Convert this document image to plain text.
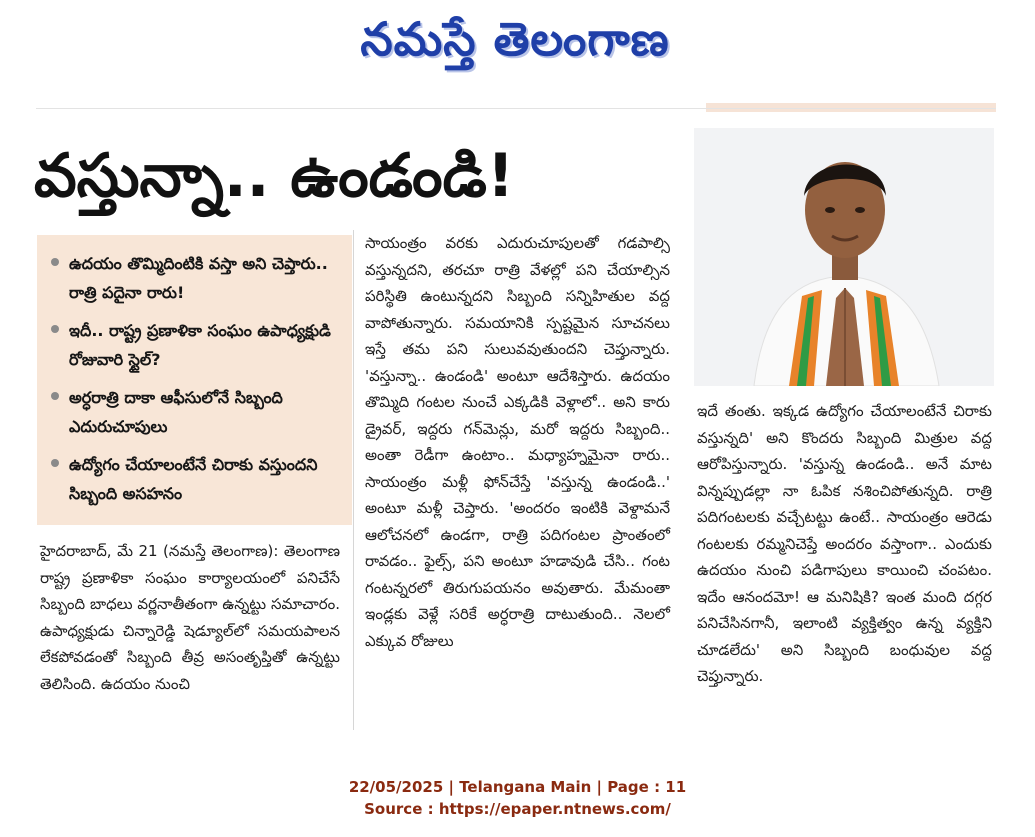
నమస్తే తెలంగాణ
వస్తున్నా.. ఉండండి!
ఉదయం తొమ్మిదింటికి వస్తా అని చెప్తారు.. రాత్రి పదైనా రారు!
ఇదీ.. రాష్ట్ర ప్రణాళికా సంఘం ఉపాధ్యక్షుడి రోజువారి స్టైల్?
అర్ధరాత్రి దాకా ఆఫీసులోనే సిబ్బంది ఎదురుచూపులు
ఉద్యోగం చేయాలంటేనే చిరాకు వస్తుందని సిబ్బంది అసహనం
హైదరాబాద్, మే 21 (నమస్తే తెలంగాణ): తెలంగాణ రాష్ట్ర ప్రణాళికా సంఘం కార్యాలయంలో పనిచేసే సిబ్బంది బాధలు వర్ణనాతీతంగా ఉన్నట్టు సమాచారం. ఉపాధ్యక్షుడు చిన్నారెడ్డి షెడ్యూల్‌లో సమయపాలన లేకపోవడంతో సిబ్బంది తీవ్ర అసంతృప్తితో ఉన్నట్టు తెలిసింది. ఉదయం నుంచి
సాయంత్రం వరకు ఎదురుచూపులతో గడపాల్సి వస్తున్నదని, తరచూ రాత్రి వేళల్లో పని చేయాల్సిన పరిస్థితి ఉంటున్నదని సిబ్బంది సన్నిహితుల వద్ద వాపోతున్నారు. సమయానికి స్పష్టమైన సూచనలు ఇస్తే తమ పని సులువవుతుందని చెప్తున్నారు. 'వస్తున్నా.. ఉండండి' అంటూ ఆదేశిస్తారు. ఉదయం తొమ్మిది గంటల నుంచే ఎక్కడికి వెళ్లాలో.. అని కారు డ్రైవర్, ఇద్దరు గన్‌మెన్లు, మరో ఇద్దరు సిబ్బంది.. అంతా రెడీగా ఉంటాం.. మధ్యాహ్నమైనా రారు.. సాయంత్రం మళ్లీ ఫోన్‌చేస్తే 'వస్తున్న ఉండండి..' అంటూ మళ్లీ చెప్తారు. 'అందరం ఇంటికి వెళ్దామనే ఆలోచనలో ఉండగా, రాత్రి పదిగంటల ప్రాంతంలో రావడం.. ఫైల్స్, పని అంటూ హడావుడి చేసి.. గంట గంటన్నరలో తిరుగుపయనం అవుతారు. మేమంతా ఇండ్లకు వెళ్లే సరికే అర్ధరాత్రి దాటుతుంది.. నెలలో ఎక్కువ రోజులు
ఇదే తంతు. ఇక్కడ ఉద్యోగం చేయాలంటేనే చిరాకు వస్తున్నది' అని కొందరు సిబ్బంది మిత్రుల వద్ద ఆరోపిస్తున్నారు. 'వస్తున్న ఉండండి.. అనే మాట విన్నప్పుడల్లా నా ఓపిక నశించిపోతున్నది. రాత్రి పదిగంటలకు వచ్చేటట్టు ఉంటే.. సాయంత్రం ఆరెడు గంటలకు రమ్మనిచెప్తే అందరం వస్తాంగా.. ఎందుకు ఉదయం నుంచి పడిగాపులు కాయించి చంపటం. ఇదేం ఆనందమో! ఆ మనిషికి? ఇంత మంది దగ్గర పనిచేసినగానీ, ఇలాంటి వ్యక్తిత్వం ఉన్న వ్యక్తిని చూడలేదు' అని సిబ్బంది బంధువుల వద్ద చెప్తున్నారు.
22/05/2025 | Telangana Main | Page : 11
Source : https://epaper.ntnews.com/
